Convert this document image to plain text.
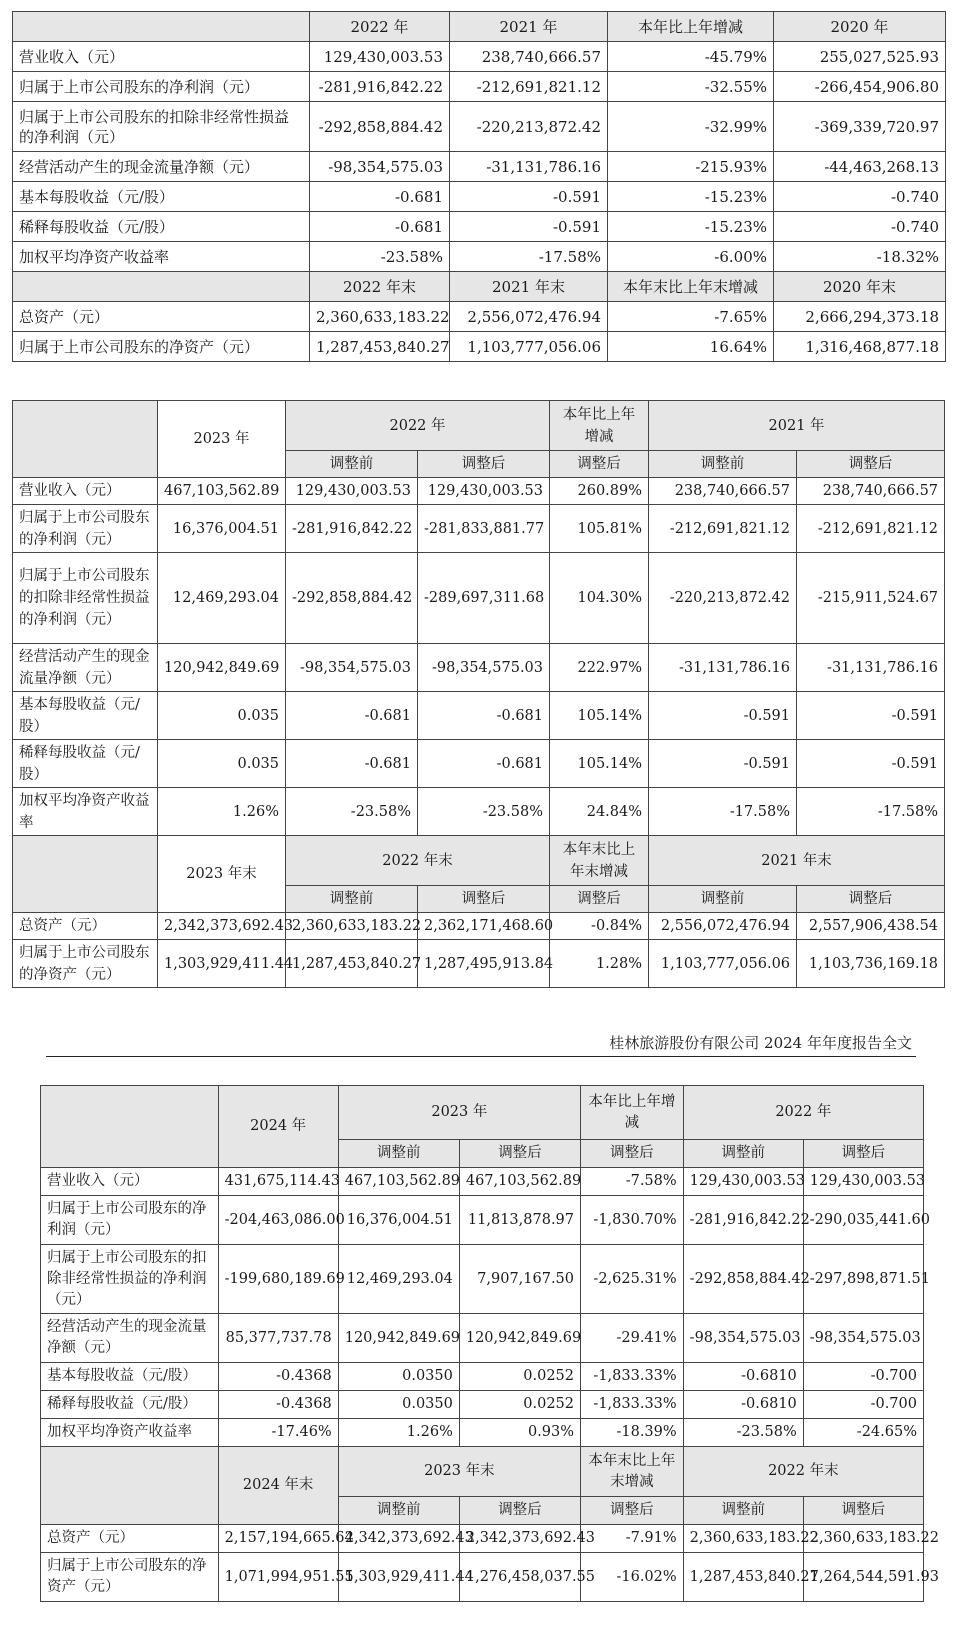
	2022 年	2021 年	本年比上年增减	2020 年
营业收入（元）	129,430,003.53	238,740,666.57	-45.79%	255,027,525.93
归属于上市公司股东的净利润（元）	-281,916,842.22	-212,691,821.12	-32.55%	-266,454,906.80
归属于上市公司股东的扣除非经常性损益的净利润（元）	-292,858,884.42	-220,213,872.42	-32.99%	-369,339,720.97
经营活动产生的现金流量净额（元）	-98,354,575.03	-31,131,786.16	-215.93%	-44,463,268.13
基本每股收益（元/股）	-0.681	-0.591	-15.23%	-0.740
稀释每股收益（元/股）	-0.681	-0.591	-15.23%	-0.740
加权平均净资产收益率	-23.58%	-17.58%	-6.00%	-18.32%
	2022 年末	2021 年末	本年末比上年末增减	2020 年末
总资产（元）	2,360,633,183.22	2,556,072,476.94	-7.65%	2,666,294,373.18
归属于上市公司股东的净资产（元）	1,287,453,840.27	1,103,777,056.06	16.64%	1,316,468,877.18
	2023 年	2022 年		本年比上年增减	2021 年	
		调整前	调整后	调整后	调整前	调整后
营业收入（元）	467,103,562.89	129,430,003.53	129,430,003.53	260.89%	238,740,666.57	238,740,666.57
归属于上市公司股东的净利润（元）	16,376,004.51	-281,916,842.22	-281,833,881.77	105.81%	-212,691,821.12	-212,691,821.12
归属于上市公司股东的扣除非经常性损益的净利润（元）	12,469,293.04	-292,858,884.42	-289,697,311.68	104.30%	-220,213,872.42	-215,911,524.67
经营活动产生的现金流量净额（元）	120,942,849.69	-98,354,575.03	-98,354,575.03	222.97%	-31,131,786.16	-31,131,786.16
基本每股收益（元/股）	0.035	-0.681	-0.681	105.14%	-0.591	-0.591
稀释每股收益（元/股）	0.035	-0.681	-0.681	105.14%	-0.591	-0.591
加权平均净资产收益率	1.26%	-23.58%	-23.58%	24.84%	-17.58%	-17.58%
	2023 年末	2022 年末		本年末比上年末增减	2021 年末	
		调整前	调整后	调整后	调整前	调整后
总资产（元）	2,342,373,692.43	2,360,633,183.22	2,362,171,468.60	-0.84%	2,556,072,476.94	2,557,906,438.54
归属于上市公司股东的净资产（元）	1,303,929,411.44	1,287,453,840.27	1,287,495,913.84	1.28%	1,103,777,056.06	1,103,736,169.18
桂林旅游股份有限公司 2024 年年度报告全文
	2024 年	2023 年		本年比上年增减	2022 年	
		调整前	调整后	调整后	调整前	调整后
营业收入（元）	431,675,114.43	467,103,562.89	467,103,562.89	-7.58%	129,430,003.53	129,430,003.53
归属于上市公司股东的净利润（元）	-204,463,086.00	16,376,004.51	11,813,878.97	-1,830.70%	-281,916,842.22	-290,035,441.60
归属于上市公司股东的扣除非经常性损益的净利润（元）	-199,680,189.69	12,469,293.04	7,907,167.50	-2,625.31%	-292,858,884.42	-297,898,871.51
经营活动产生的现金流量净额（元）	85,377,737.78	120,942,849.69	120,942,849.69	-29.41%	-98,354,575.03	-98,354,575.03
基本每股收益（元/股）	-0.4368	0.0350	0.0252	-1,833.33%	-0.6810	-0.700
稀释每股收益（元/股）	-0.4368	0.0350	0.0252	-1,833.33%	-0.6810	-0.700
加权平均净资产收益率	-17.46%	1.26%	0.93%	-18.39%	-23.58%	-24.65%
	2024 年末	2023 年末		本年末比上年末增减	2022 年末	
		调整前	调整后	调整后	调整前	调整后
总资产（元）	2,157,194,665.64	2,342,373,692.43	2,342,373,692.43	-7.91%	2,360,633,183.22	2,360,633,183.22
归属于上市公司股东的净资产（元）	1,071,994,951.55	1,303,929,411.44	1,276,458,037.55	-16.02%	1,287,453,840.27	1,264,544,591.93
